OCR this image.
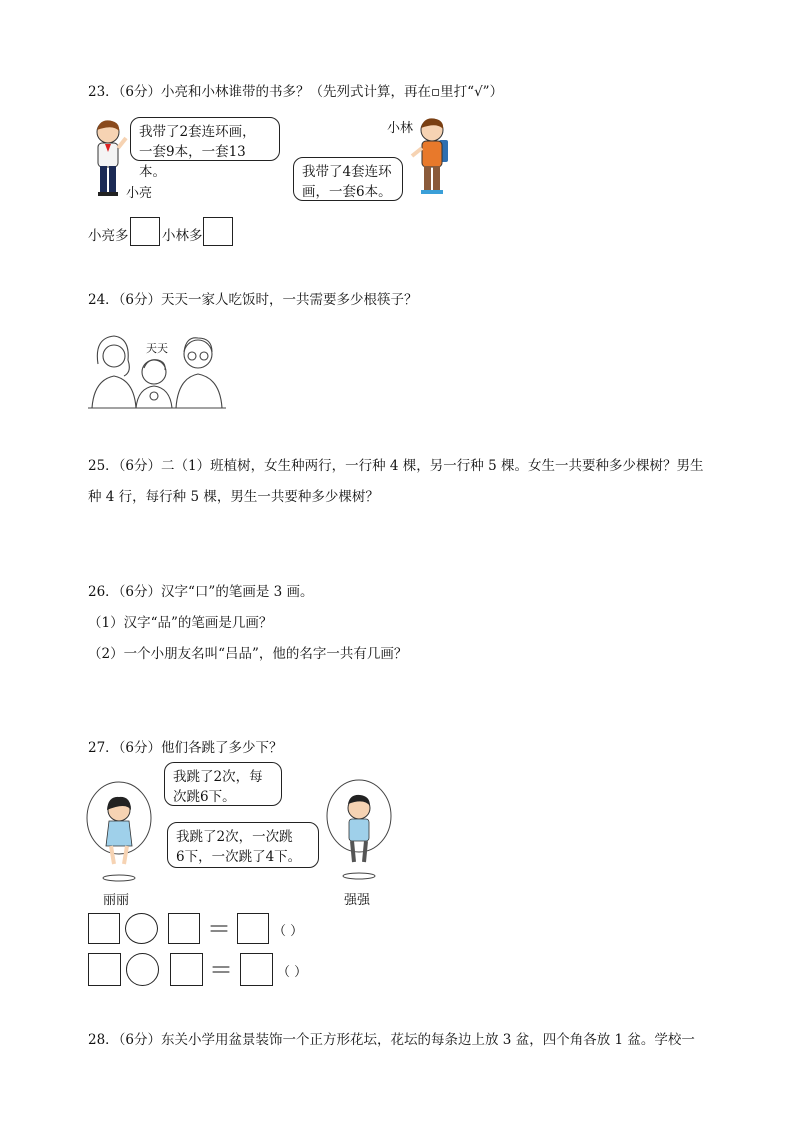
23．（6分）小亮和小林谁带的书多？（先列式计算，再在▫里打“√”）
小亮
我带了2套连环画，
一套9本，一套13本。
小林
我带了4套连环
画，一套6本。
小亮多 小林多
24．（6分）天天一家人吃饭时，一共需要多少根筷子？
天天
25．（6分）二（1）班植树，女生种两行，一行种 4 棵，另一行种 5 棵。女生一共要种多少棵树？男生
种 4 行，每行种 5 棵，男生一共要种多少棵树？
26．（6分）汉字“口”的笔画是 3 画。
（1）汉字“品”的笔画是几画？
（2）一个小朋友名叫“吕品”，他的名字一共有几画？
27．（6分）他们各跳了多少下？
丽丽
我跳了2次，每
次跳6下。
我跳了2次，一次跳
6下，一次跳了4下。
强强
＝	（ ）
＝	（ ）
28．（6分）东关小学用盆景装饰一个正方形花坛，花坛的每条边上放 3 盆，四个角各放 1 盆。学校一
